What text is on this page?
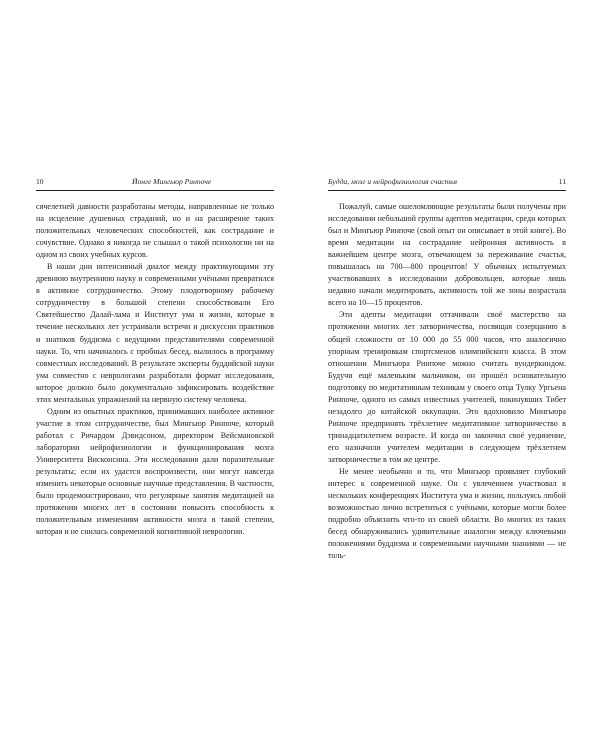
10	Йонге Мингьюр Ринпоче

сячелетней давности разработаны методы, направленные не только на исцеление душевных страданий, но и на расширение таких положительных человеческих способностей, как сострадание и сочувствие. Однако я никогда не слышал о такой психологии ни на одном из своих учебных курсов.

В наши дни интенсивный диалог между практикующими эту древнюю внутреннюю науку и современными учёными превратился в активное сотрудничество. Этому плодотворному рабочему сотрудничеству в большой степени способствовали Его Святейшество Далай-лама и Институт ума и жизни, которые в течение нескольких лет устраивали встречи и дискуссии практиков и знатоков буддизма с ведущими представителями современной науки. То, что начиналось с пробных бесед, вылилось в программу совместных исследований. В результате эксперты буддийской науки ума совместно с неврологами разработали формат исследования, которое должно было документально зафиксировать воздействие этих ментальных упражнений на нервную систему человека.

Одним из опытных практиков, принимавших наиболее активное участие в этом сотрудничестве, был Мингьюр Ринпоче, который работал с Ричардом Дэвидсоном, директором Вейсмановской лаборатории нейрофизиологии и функционирования мозга Университета Висконсина. Эти исследования дали поразительные результаты; если их удастся воспроизвести, они могут навсегда изменить некоторые основные научные представления. В частности, было продемонстрировано, что регулярные занятия медитацией на протяжении многих лет в состоянии повысить способность к положительным изменениям активности мозга в такой степени, которая и не снилась современной когнитивной неврологии.

Будда, мозг и нейрофизиология счастья	11

Пожалуй, самые ошеломляющие результаты были получены при исследовании небольшой группы адептов медитации, среди которых был и Мингьюр Ринпоче (свой опыт он описывает в этой книге). Во время медитации на сострадание нейронная активность в важнейшем центре мозга, отвечающем за переживание счастья, повышалась на 700—800 процентов! У обычных испытуемых участвовавших в исследовании добровольцев, которые лишь недавно начали медитировать, активность той же зоны возрастала всего на 10—15 процентов.

Эти адепты медитации оттачивали своё мастерство на протяжении многих лет затворничества, посвящая созерцанию в общей сложности от 10 000 до 55 000 часов, что аналогично упорным тренировкам спортсменов олимпийского класса. В этом отношении Мингьюра Ринпоче можно считать вундеркиндом. Будучи ещё маленьким мальчиком, он прошёл основательную подготовку по медитативным техникам у своего отца Тулку Ургьена Ринпоче, одного из самых известных учителей, покинувших Тибет незадолго до китайской оккупации. Это вдохновило Мингьюра Ринпоче предпринять трёхлетнее медитативное затворничество в тринадцатилетнем возрасте. И когда он закончил своё уединение, его назначили учителем медитации в следующем трёхлетнем затворничестве в том же центре.

Не менее необычно и то, что Мингьюр проявляет глубокий интерес к современной науке. Он с увлечением участвовал в нескольких конференциях Института ума и жизни, пользуясь любой возможностью лично встретиться с учёными, которые могли более подробно объяснить что-то из своей области. Во многих из таких бесед обнаруживались удивительные аналогии между ключевыми положениями буддизма и современными научными знаниями — не толь-
